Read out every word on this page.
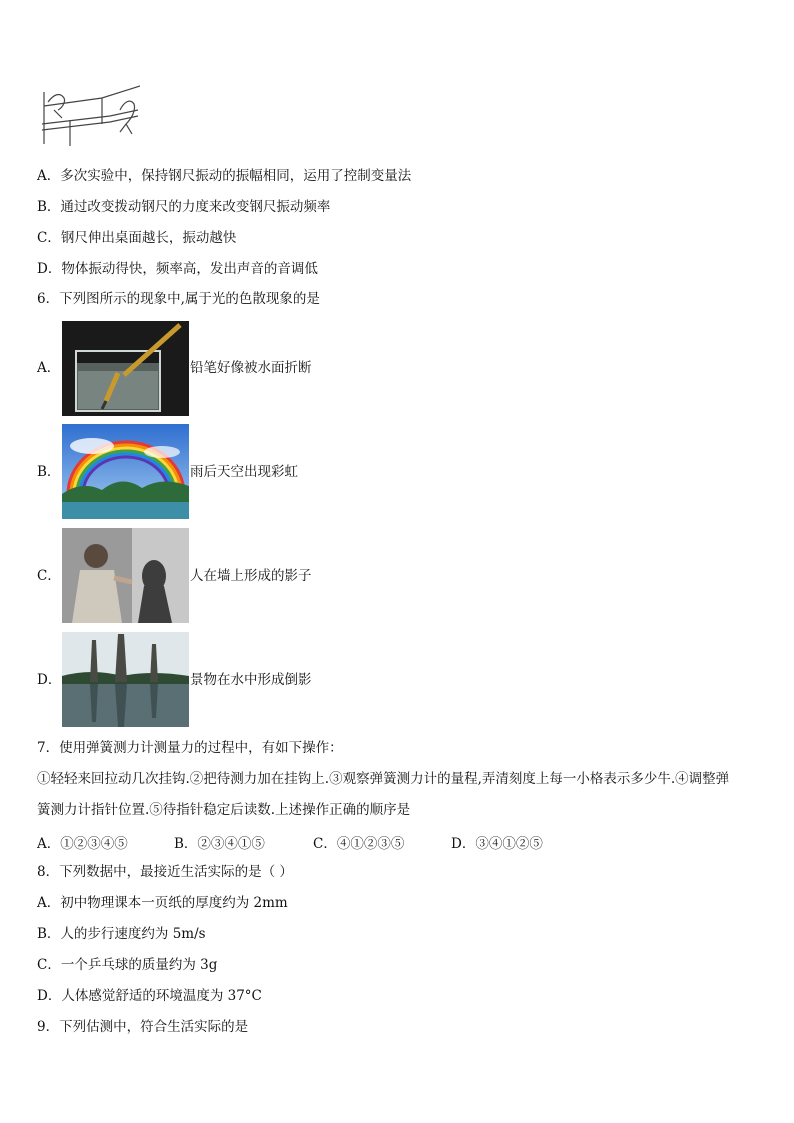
A．多次实验中，保持钢尺振动的振幅相同，运用了控制变量法
B．通过改变拨动钢尺的力度来改变钢尺振动频率
C．钢尺伸出桌面越长，振动越快
D．物体振动得快，频率高，发出声音的音调低
6．下列图所示的现象中,属于光的色散现象的是
A．	铅笔好像被水面折断
B．	雨后天空出现彩虹
C．	人在墙上形成的影子
D．	景物在水中形成倒影
7．使用弹簧测力计测量力的过程中，有如下操作：
①轻轻来回拉动几次挂钩.②把待测力加在挂钩上.③观察弹簧测力计的量程,弄清刻度上每一小格表示多少牛.④调整弹
簧测力计指针位置.⑤待指针稳定后读数.上述操作正确的顺序是
A．①②③④⑤	B．②③④①⑤	C．④①②③⑤	D．③④①②⑤
8．下列数据中，最接近生活实际的是（ ）
A．初中物理课本一页纸的厚度约为 2mm
B．人的步行速度约为 5m/s
C．一个乒乓球的质量约为 3g
D．人体感觉舒适的环境温度为 37°C
9．下列估测中，符合生活实际的是
